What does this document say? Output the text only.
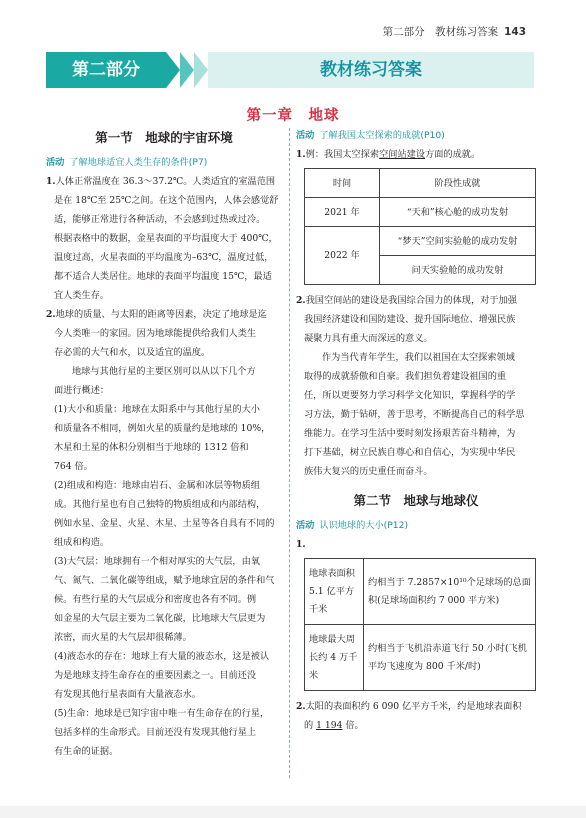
第二部分　教材练习答案 143
第二部分	教材练习答案
第一章　地球
第一节　地球的宇宙环境
活动 了解地球适宜人类生存的条件(P7)

1.人体正常温度在 36.3～37.2℃。人类适宜的室温范围

是在 18℃至 25℃之间。在这个范围内，人体会感觉舒

适，能够正常进行各种活动，不会感到过热或过冷。

根据表格中的数据，金星表面的平均温度大于 400℃，

温度过高，火星表面的平均温度为–63℃，温度过低，

都不适合人类居住。地球的表面平均温度 15℃，最适

宜人类生存。

2.地球的质量、与太阳的距离等因素，决定了地球是迄

今人类唯一的家园。因为地球能提供给我们人类生

存必需的大气和水，以及适宜的温度。

地球与其他行星的主要区别可以从以下几个方

面进行概述：

(1)大小和质量：地球在太阳系中与其他行星的大小

和质量各不相同，例如火星的质量约是地球的 10%，

木星和土星的体积分别相当于地球的 1312 倍和

764 倍。

(2)组成和构造：地球由岩石、金属和冰层等物质组

成。其他行星也有自己独特的物质组成和内部结构，

例如水星、金星、火星、木星、土星等各自具有不同的

组成和构造。

(3)大气层：地球拥有一个相对厚实的大气层，由氧

气、氮气、二氧化碳等组成，赋予地球宜居的条件和气

候。有些行星的大气层成分和密度也各有不同。例

如金星的大气层主要为二氧化碳，比地球大气层更为

浓密，而火星的大气层却很稀薄。

(4)液态水的存在：地球上有大量的液态水，这是被认

为是地球支持生命存在的重要因素之一。目前还没

有发现其他行星表面有大量液态水。

(5)生命：地球是已知宇宙中唯一有生命存在的行星，

包括多样的生命形式。目前还没有发现其他行星上

有生命的证据。

活动 了解我国太空探索的成就(P10)

1.例：我国太空探索空间站建设方面的成就。

时间	阶段性成就
2021 年	“天和”核心舱的成功发射
2022 年	“梦天”空间实验舱的成功发射
	问天实验舱的成功发射

2.我国空间站的建设是我国综合国力的体现，对于加强

我国经济建设和国防建设、提升国际地位、增强民族

凝聚力具有重大而深远的意义。

作为当代青年学生，我们以祖国在太空探索领域

取得的成就骄傲和自豪。我们担负着建设祖国的重

任，所以更要努力学习科学文化知识，掌握科学的学

习方法，勤于钻研，善于思考，不断提高自己的科学思

维能力。在学习生活中要时刻发扬艰苦奋斗精神，为

打下基础，树立民族自尊心和自信心，为实现中华民

族伟大复兴的历史重任而奋斗。

第二节　地球与地球仪
活动 认识地球的大小(P12)

1.

地球表面积 5.1 亿平方千米	约相当于 7.2857×10¹⁰个足球场的总面积(足球场面积约 7 000 平方米)
地球最大周长约 4 万千米	约相当于飞机沿赤道飞行 50 小时(飞机平均飞速度为 800 千米/时)

2.太阳的表面积约 6 090 亿平方千米，约是地球表面积

的 1 194 倍。
